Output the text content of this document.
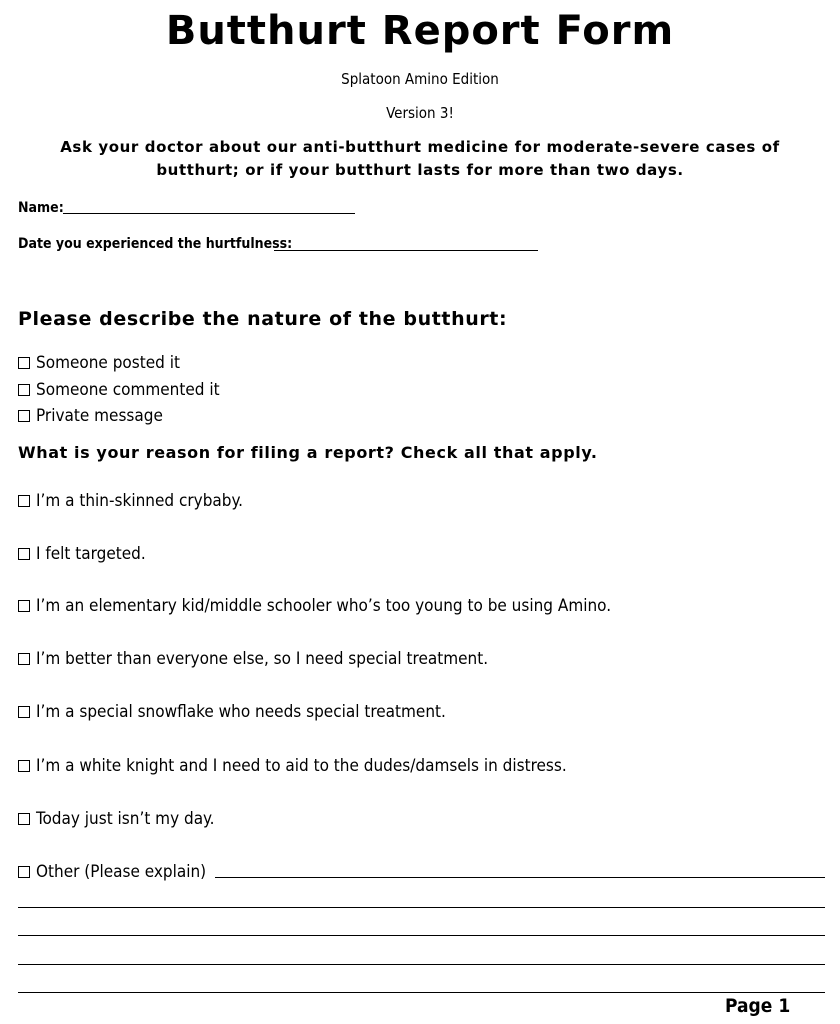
Butthurt Report Form
Splatoon Amino Edition
Version 3!
Ask your doctor about our anti-butthurt medicine for moderate-severe cases of butthurt; or if your butthurt lasts for more than two days.
Name:
Date you experienced the hurtfulness:
Please describe the nature of the butthurt:
Someone posted it
Someone commented it
Private message
What is your reason for filing a report? Check all that apply.
I’m a thin-skinned crybaby.
I felt targeted.
I’m an elementary kid/middle schooler who’s too young to be using Amino.
I’m better than everyone else, so I need special treatment.
I’m a special snowflake who needs special treatment.
I’m a white knight and I need to aid to the dudes/damsels in distress.
Today just isn’t my day.
Other (Please explain)
Page 1
